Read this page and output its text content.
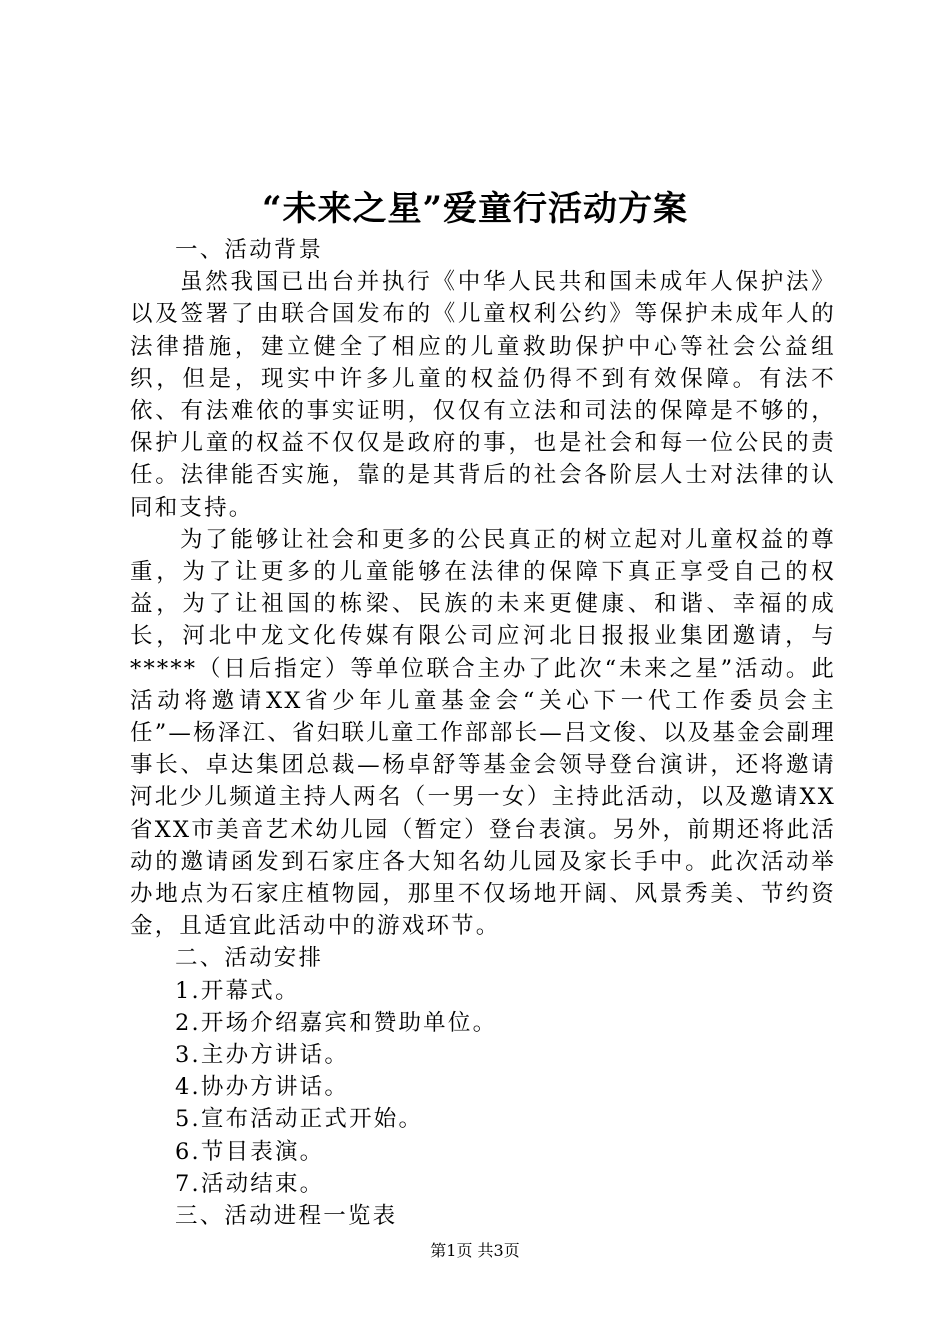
“未来之星”爱童行活动方案

一、活动背景

虽然我国已出台并执行《中华人民共和国未成年人保护法》以及签署了由联合国发布的《儿童权利公约》等保护未成年人的法律措施，建立健全了相应的儿童救助保护中心等社会公益组织，但是，现实中许多儿童的权益仍得不到有效保障。有法不依、有法难依的事实证明，仅仅有立法和司法的保障是不够的，保护儿童的权益不仅仅是政府的事，也是社会和每一位公民的责任。法律能否实施，靠的是其背后的社会各阶层人士对法律的认同和支持。

为了能够让社会和更多的公民真正的树立起对儿童权益的尊重，为了让更多的儿童能够在法律的保障下真正享受自己的权益，为了让祖国的栋梁、民族的未来更健康、和谐、幸福的成长，河北中龙文化传媒有限公司应河北日报报业集团邀请，与*****（日后指定）等单位联合主办了此次“未来之星”活动。此活动将邀请XX省少年儿童基金会“关心下一代工作委员会主任”—杨泽江、省妇联儿童工作部部长—吕文俊、以及基金会副理事长、卓达集团总裁—杨卓舒等基金会领导登台演讲，还将邀请河北少儿频道主持人两名（一男一女）主持此活动，以及邀请XX省XX市美音艺术幼儿园（暂定）登台表演。另外，前期还将此活动的邀请函发到石家庄各大知名幼儿园及家长手中。此次活动举办地点为石家庄植物园，那里不仅场地开阔、风景秀美、节约资金，且适宜此活动中的游戏环节。

二、活动安排

1.开幕式。

2.开场介绍嘉宾和赞助单位。

3.主办方讲话。

4.协办方讲话。

5.宣布活动正式开始。

6.节目表演。

7.活动结束。

三、活动进程一览表

第1页 共3页
